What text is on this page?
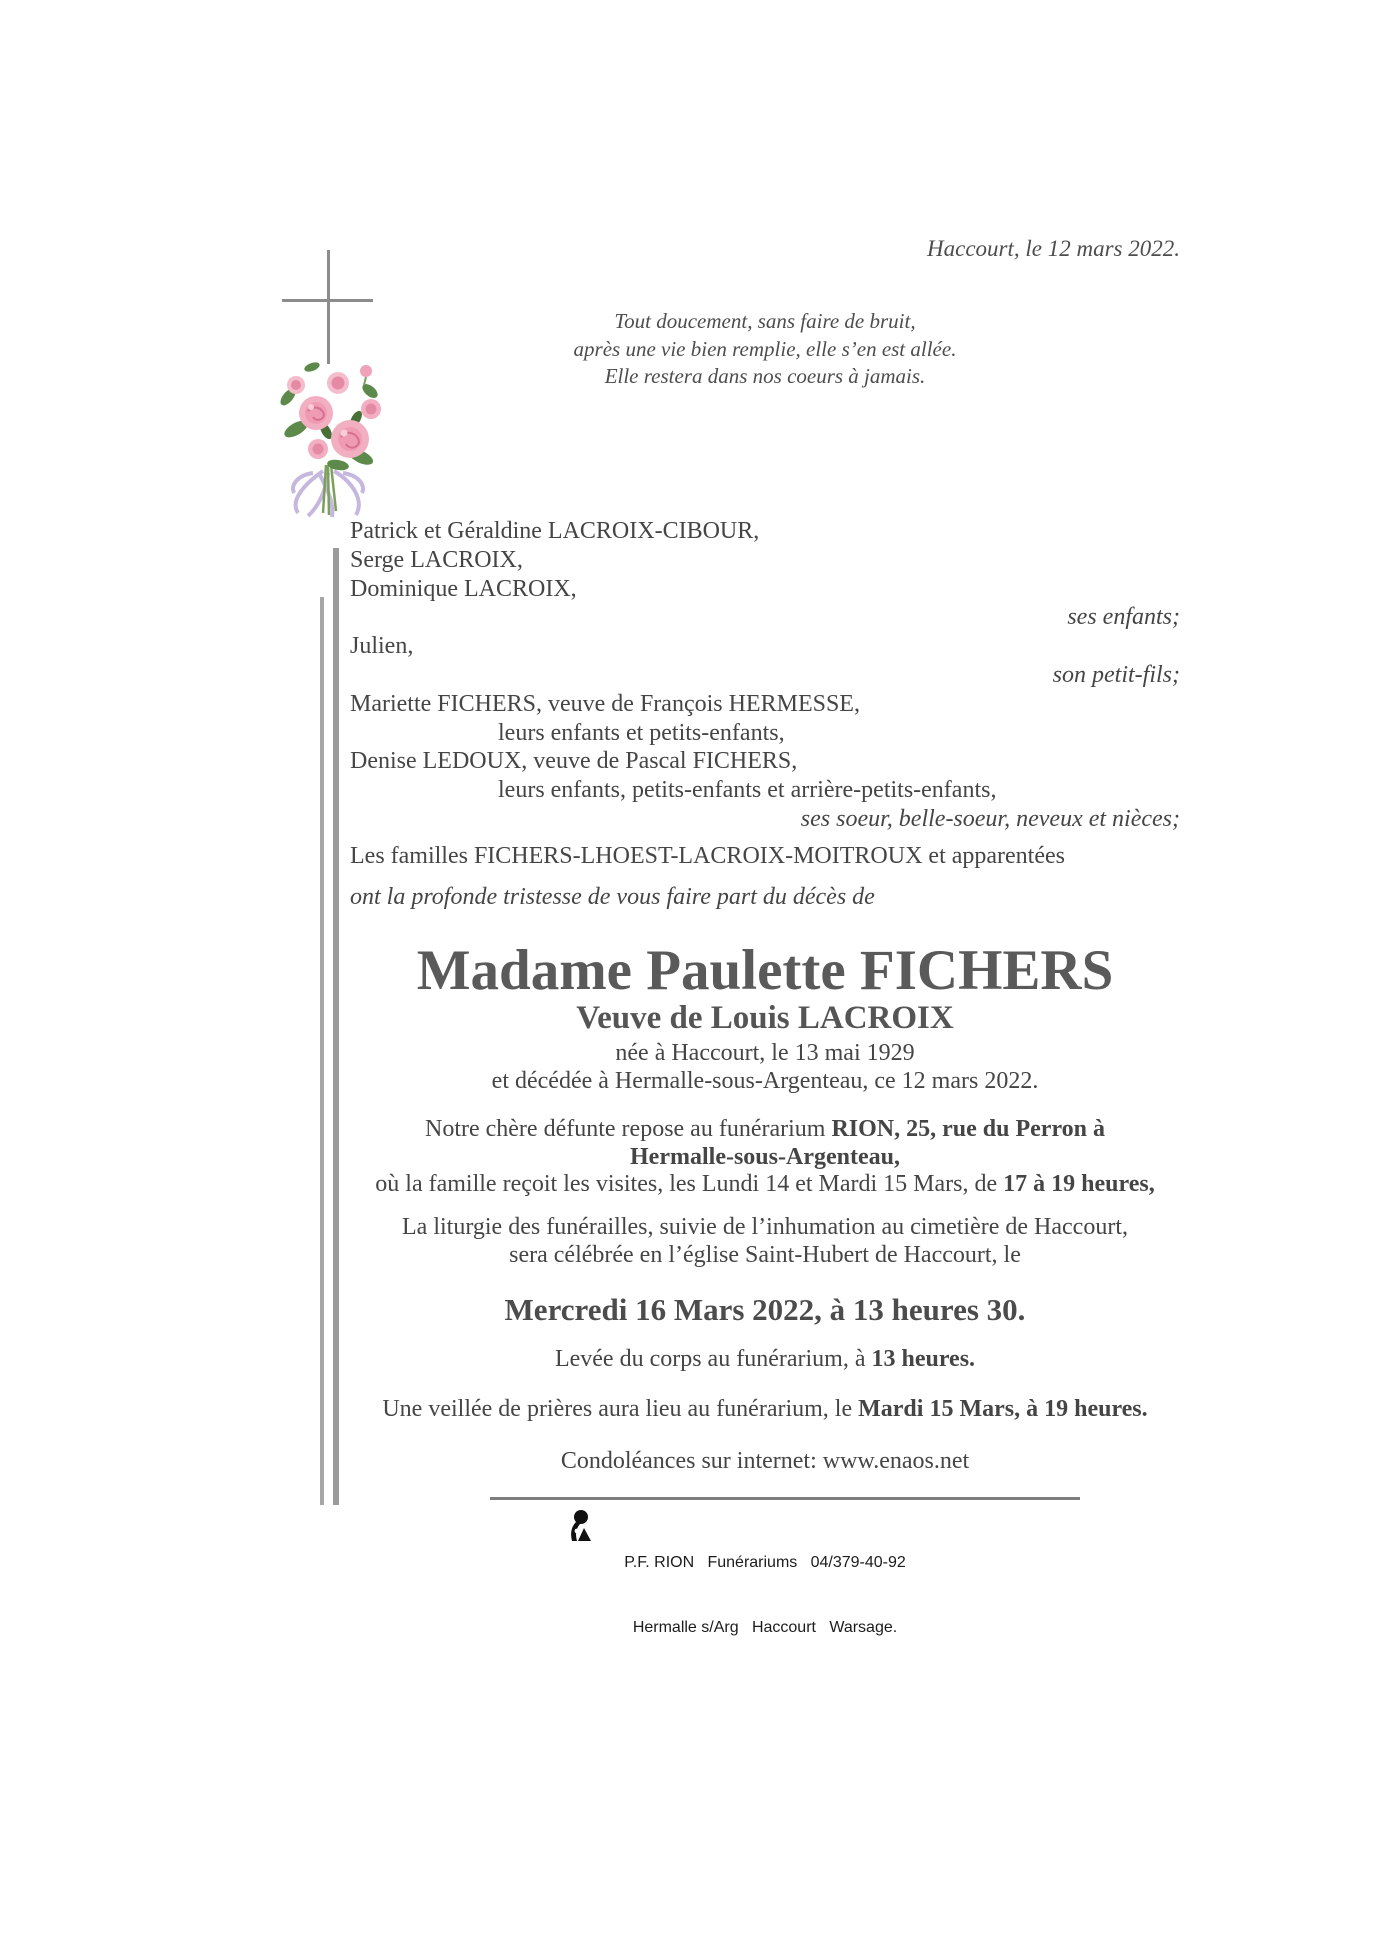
Haccourt, le 12 mars 2022.
Tout doucement, sans faire de bruit,
après une vie bien remplie, elle s’en est allée.
Elle restera dans nos coeurs à jamais.
Patrick et Géraldine LACROIX-CIBOUR,
Serge LACROIX,
Dominique LACROIX,
ses enfants;
Julien,
son petit-fils;
Mariette FICHERS, veuve de François HERMESSE,
leurs enfants et petits-enfants,
Denise LEDOUX, veuve de Pascal FICHERS,
leurs enfants, petits-enfants et arrière-petits-enfants,
ses soeur, belle-soeur, neveux et nièces;
Les familles FICHERS-LHOEST-LACROIX-MOITROUX et apparentées
ont la profonde tristesse de vous faire part du décès de
Madame Paulette FICHERS
Veuve de Louis LACROIX
née à Haccourt, le 13 mai 1929
et décédée à Hermalle-sous-Argenteau, ce 12 mars 2022.
Notre chère défunte repose au funérarium RION, 25, rue du Perron à
Hermalle-sous-Argenteau,
où la famille reçoit les visites, les Lundi 14 et Mardi 15 Mars, de 17 à 19 heures,
La liturgie des funérailles, suivie de l’inhumation au cimetière de Haccourt,
sera célébrée en l’église Saint-Hubert de Haccourt, le
Mercredi 16 Mars 2022, à 13 heures 30.
Levée du corps au funérarium, à 13 heures.
Une veillée de prières aura lieu au funérarium, le Mardi 15 Mars, à 19 heures.
Condoléances sur internet: www.enaos.net

P.F. RION   Funérariums   04/379-40-92

Hermalle s/Arg   Haccourt   Warsage.
